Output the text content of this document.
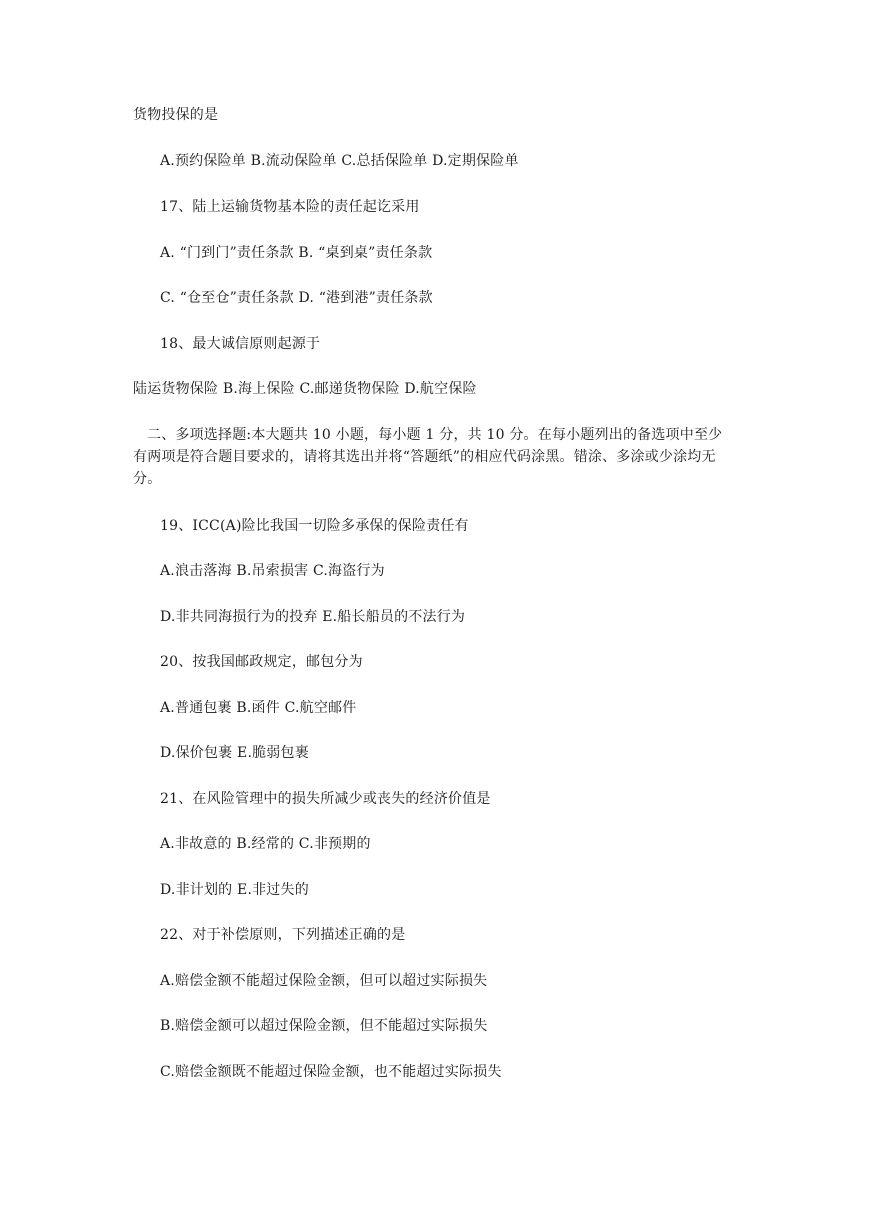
货物投保的是
A.预约保险单 B.流动保险单 C.总括保险单 D.定期保险单
17、陆上运输货物基本险的责任起讫采用
A. “门到门”责任条款 B. “桌到桌”责任条款
C. “仓至仓”责任条款 D. “港到港”责任条款
18、最大诚信原则起源于
陆运货物保险 B.海上保险 C.邮递货物保险 D.航空保险
二、多项选择题:本大题共 10 小题，每小题 1 分，共 10 分。在每小题列出的备选项中至少有两项是符合题目要求的，请将其选出并将“答题纸”的相应代码涂黑。错涂、多涂或少涂均无分。
19、ICC(A)险比我国一切险多承保的保险责任有
A.浪击落海 B.吊索损害 C.海盗行为
D.非共同海损行为的投弃 E.船长船员的不法行为
20、按我国邮政规定，邮包分为
A.普通包裹 B.函件 C.航空邮件
D.保价包裹 E.脆弱包裹
21、在风险管理中的损失所减少或丧失的经济价值是
A.非故意的 B.经常的 C.非预期的
D.非计划的 E.非过失的
22、对于补偿原则，下列描述正确的是
A.赔偿金额不能超过保险金额，但可以超过实际损失
B.赔偿金额可以超过保险金额，但不能超过实际损失
C.赔偿金额既不能超过保险金额，也不能超过实际损失
